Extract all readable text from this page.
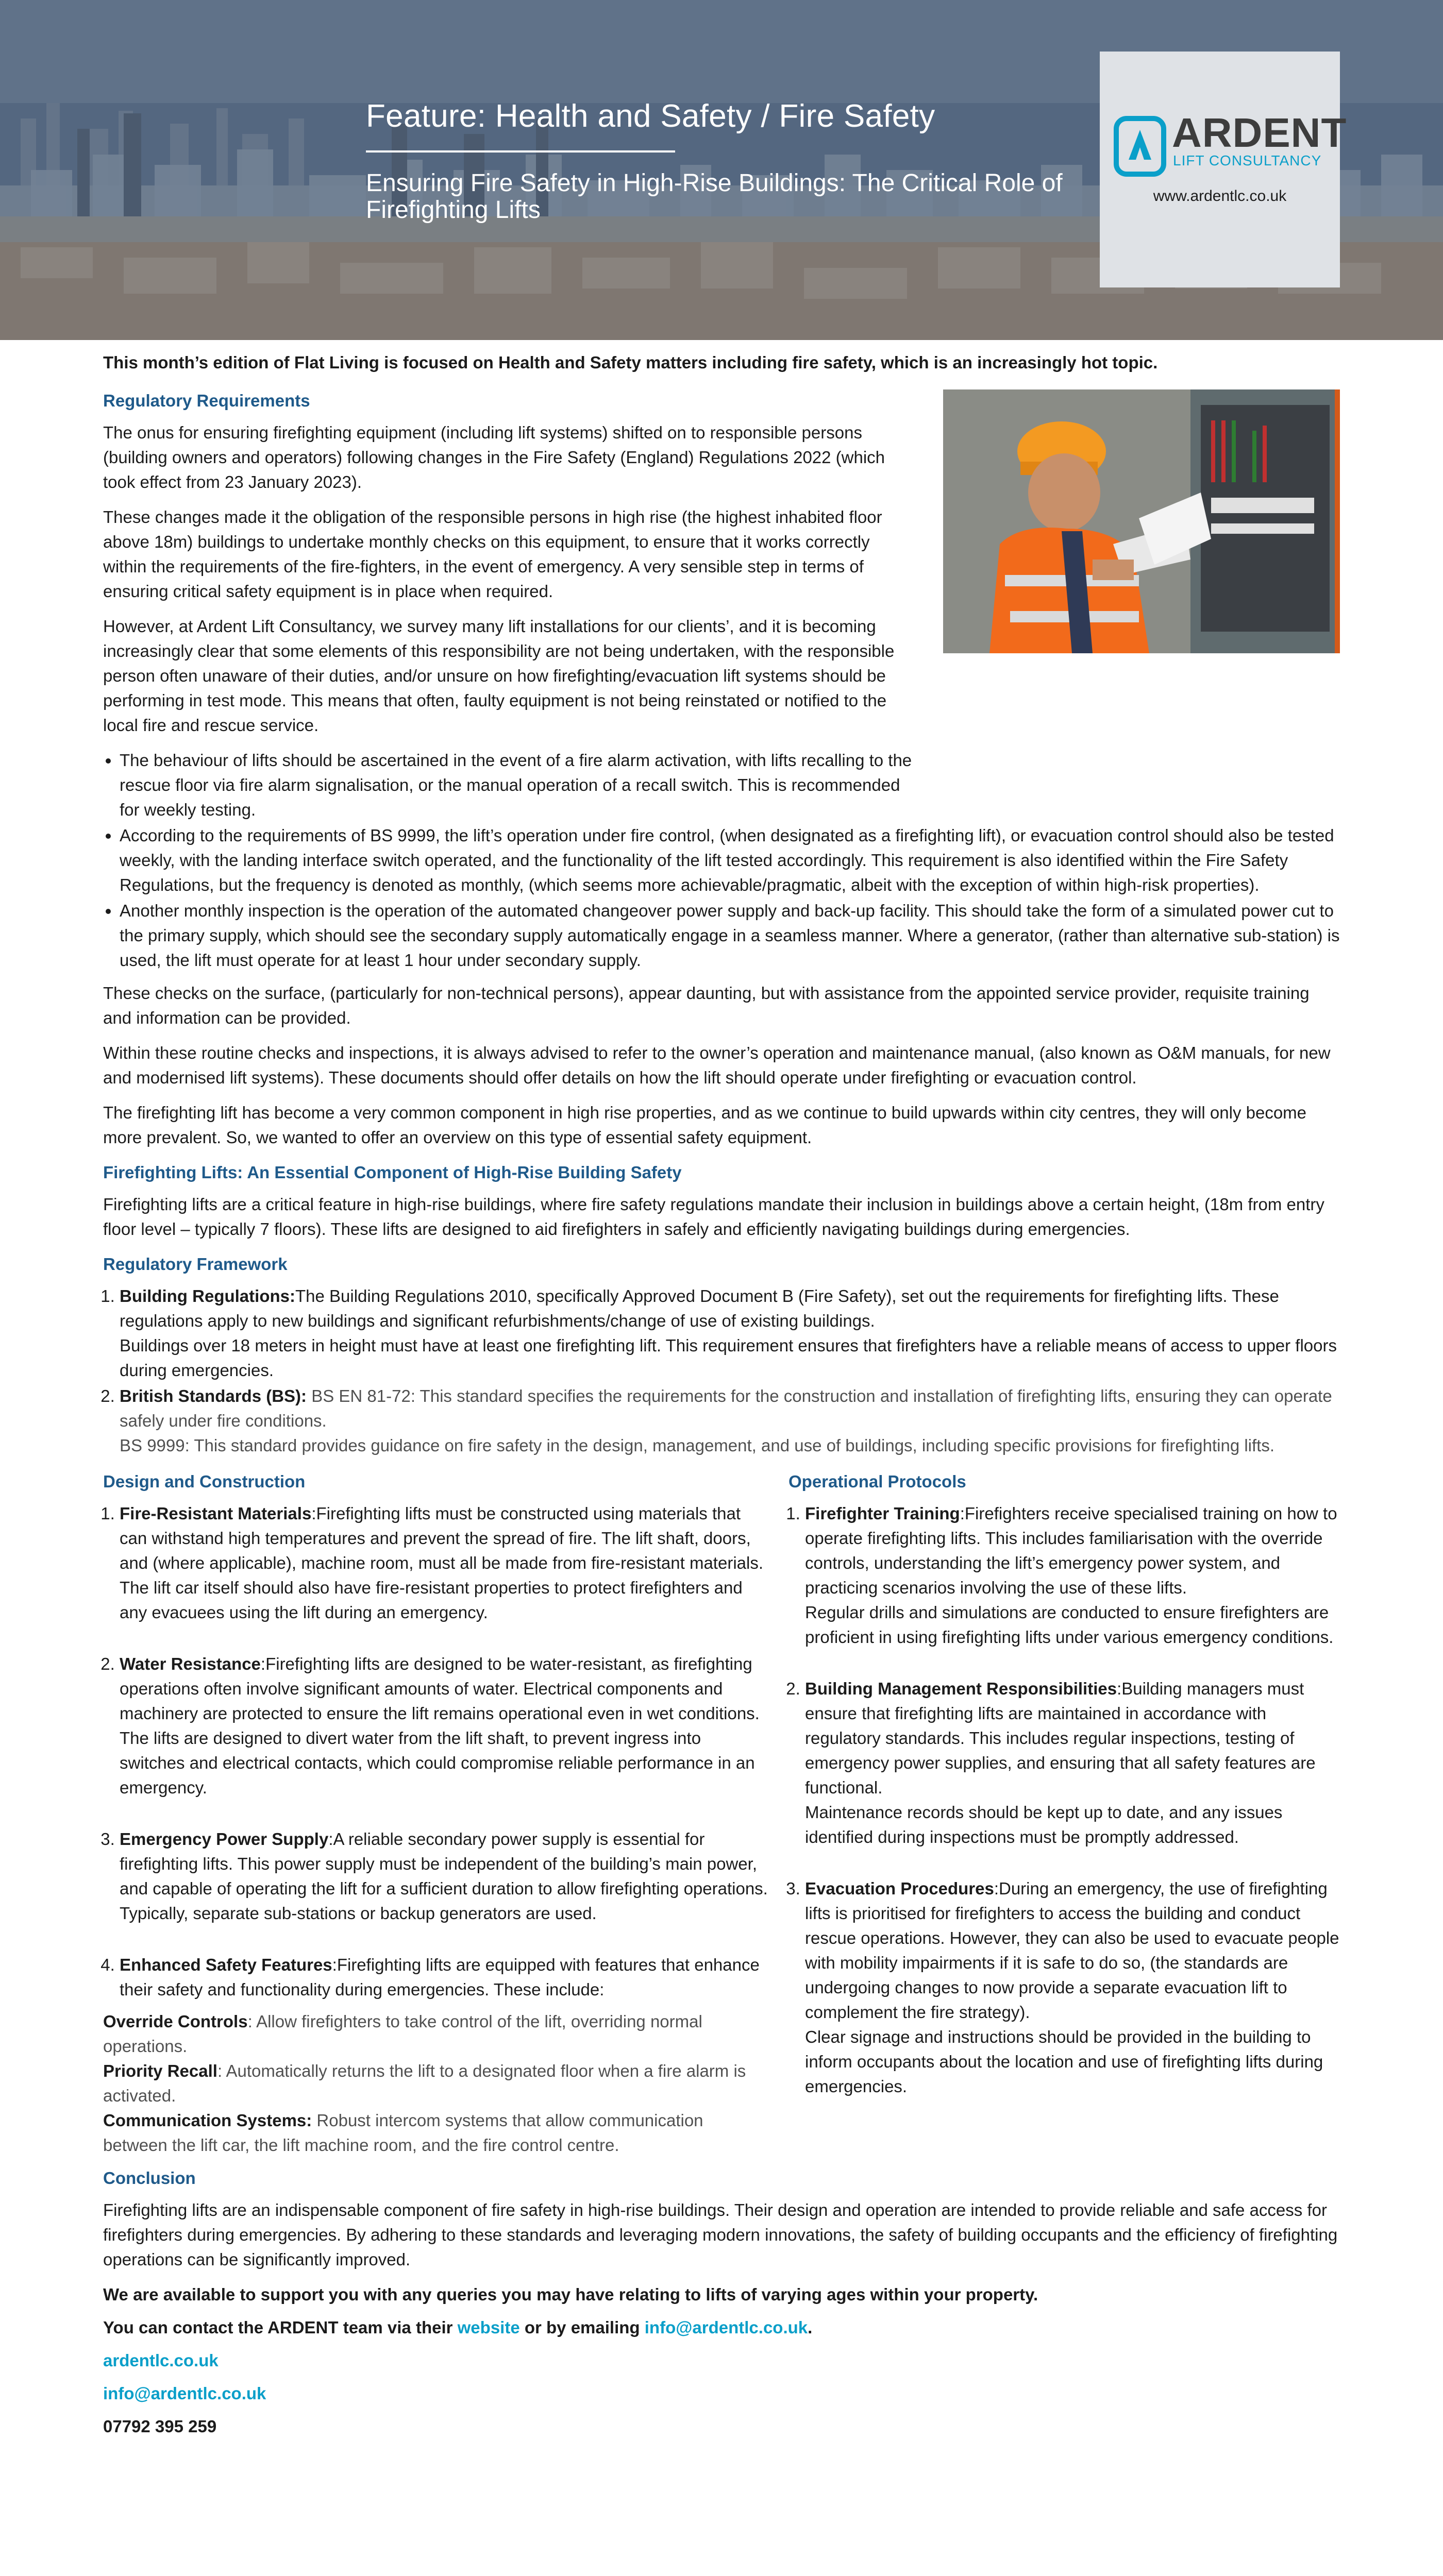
Feature: Health and Safety / Fire Safety
Ensuring Fire Safety in High-Rise Buildings: The Critical Role of Firefighting Lifts
ARDENT
LIFT CONSULTANCY
www.ardentlc.co.uk
This month’s edition of Flat Living is focused on Health and Safety matters including fire safety, which is an increasingly hot topic.
Regulatory Requirements

The onus for ensuring firefighting equipment (including lift systems) shifted on to responsible persons (building owners and operators) following changes in the Fire Safety (England) Regulations 2022 (which took effect from 23 January 2023).

These changes made it the obligation of the responsible persons in high rise (the highest inhabited floor above 18m) buildings to undertake monthly checks on this equipment, to ensure that it works correctly within the requirements of the fire-fighters, in the event of emergency. A very sensible step in terms of ensuring critical safety equipment is in place when required.

However, at Ardent Lift Consultancy, we survey many lift installations for our clients’, and it is becoming increasingly clear that some elements of this responsibility are not being undertaken, with the responsible person often unaware of their duties, and/or unsure on how firefighting/evacuation lift systems should be performing in test mode. This means that often, faulty equipment is not being reinstated or notified to the local fire and rescue service.

• The behaviour of lifts should be ascertained in the event of a fire alarm activation, with lifts recalling to the rescue floor via fire alarm signalisation, or the manual operation of a recall switch. This is recommended for weekly testing.
• According to the requirements of BS 9999, the lift’s operation under fire control, (when designated as a firefighting lift), or evacuation control should also be tested weekly, with the landing interface switch operated, and the functionality of the lift tested accordingly. This requirement is also identified within the Fire Safety Regulations, but the frequency is denoted as monthly, (which seems more achievable/pragmatic, albeit with the exception of within high-risk properties).
• Another monthly inspection is the operation of the automated changeover power supply and back-up facility. This should take the form of a simulated power cut to the primary supply, which should see the secondary supply automatically engage in a seamless manner. Where a generator, (rather than alternative sub-station) is used, the lift must operate for at least 1 hour under secondary supply.

These checks on the surface, (particularly for non-technical persons), appear daunting, but with assistance from the appointed service provider, requisite training and information can be provided.

Within these routine checks and inspections, it is always advised to refer to the owner’s operation and maintenance manual, (also known as O&M manuals, for new and modernised lift systems). These documents should offer details on how the lift should operate under firefighting or evacuation control.

The firefighting lift has become a very common component in high rise properties, and as we continue to build upwards within city centres, they will only become more prevalent. So, we wanted to offer an overview on this type of essential safety equipment.

Firefighting Lifts: An Essential Component of High-Rise Building Safety

Firefighting lifts are a critical feature in high-rise buildings, where fire safety regulations mandate their inclusion in buildings above a certain height, (18m from entry floor level – typically 7 floors). These lifts are designed to aid firefighters in safely and efficiently navigating buildings during emergencies.

Regulatory Framework
1. Building Regulations:The Building Regulations 2010, specifically Approved Document B (Fire Safety), set out the requirements for firefighting lifts. These regulations apply to new buildings and significant refurbishments/change of use of existing buildings.
Buildings over 18 meters in height must have at least one firefighting lift. This requirement ensures that firefighters have a reliable means of access to upper floors during emergencies.
2. British Standards (BS): BS EN 81-72: This standard specifies the requirements for the construction and installation of firefighting lifts, ensuring they can operate safely under fire conditions.
BS 9999: This standard provides guidance on fire safety in the design, management, and use of buildings, including specific provisions for firefighting lifts.
Design and Construction
1. Fire-Resistant Materials:Firefighting lifts must be constructed using materials that can withstand high temperatures and prevent the spread of fire. The lift shaft, doors, and (where applicable), machine room, must all be made from fire-resistant materials.
The lift car itself should also have fire-resistant properties to protect firefighters and any evacuees using the lift during an emergency.
2. Water Resistance:Firefighting lifts are designed to be water-resistant, as firefighting operations often involve significant amounts of water. Electrical components and machinery are protected to ensure the lift remains operational even in wet conditions.
The lifts are designed to divert water from the lift shaft, to prevent ingress into switches and electrical contacts, which could compromise reliable performance in an emergency.
3. Emergency Power Supply:A reliable secondary power supply is essential for firefighting lifts. This power supply must be independent of the building’s main power, and capable of operating the lift for a sufficient duration to allow firefighting operations.
Typically, separate sub-stations or backup generators are used.
4. Enhanced Safety Features:Firefighting lifts are equipped with features that enhance their safety and functionality during emergencies. These include:
Override Controls: Allow firefighters to take control of the lift, overriding normal operations.
Priority Recall: Automatically returns the lift to a designated floor when a fire alarm is activated.
Communication Systems: Robust intercom systems that allow communication between the lift car, the lift machine room, and the fire control centre.
Operational Protocols
1. Firefighter Training:Firefighters receive specialised training on how to operate firefighting lifts. This includes familiarisation with the override controls, understanding the lift’s emergency power system, and practicing scenarios involving the use of these lifts.
Regular drills and simulations are conducted to ensure firefighters are proficient in using firefighting lifts under various emergency conditions.
2. Building Management Responsibilities:Building managers must ensure that firefighting lifts are maintained in accordance with regulatory standards. This includes regular inspections, testing of emergency power supplies, and ensuring that all safety features are functional.
Maintenance records should be kept up to date, and any issues identified during inspections must be promptly addressed.
3. Evacuation Procedures:During an emergency, the use of firefighting lifts is prioritised for firefighters to access the building and conduct rescue operations. However, they can also be used to evacuate people with mobility impairments if it is safe to do so, (the standards are undergoing changes to now provide a separate evacuation lift to complement the fire strategy).
Clear signage and instructions should be provided in the building to inform occupants about the location and use of firefighting lifts during emergencies.
Conclusion

Firefighting lifts are an indispensable component of fire safety in high-rise buildings. Their design and operation are intended to provide reliable and safe access for firefighters during emergencies. By adhering to these standards and leveraging modern innovations, the safety of building occupants and the efficiency of firefighting operations can be significantly improved.

We are available to support you with any queries you may have relating to lifts of varying ages within your property.
You can contact the ARDENT team via their website or by emailing info@ardentlc.co.uk.
ardentlc.co.uk
info@ardentlc.co.uk
07792 395 259
